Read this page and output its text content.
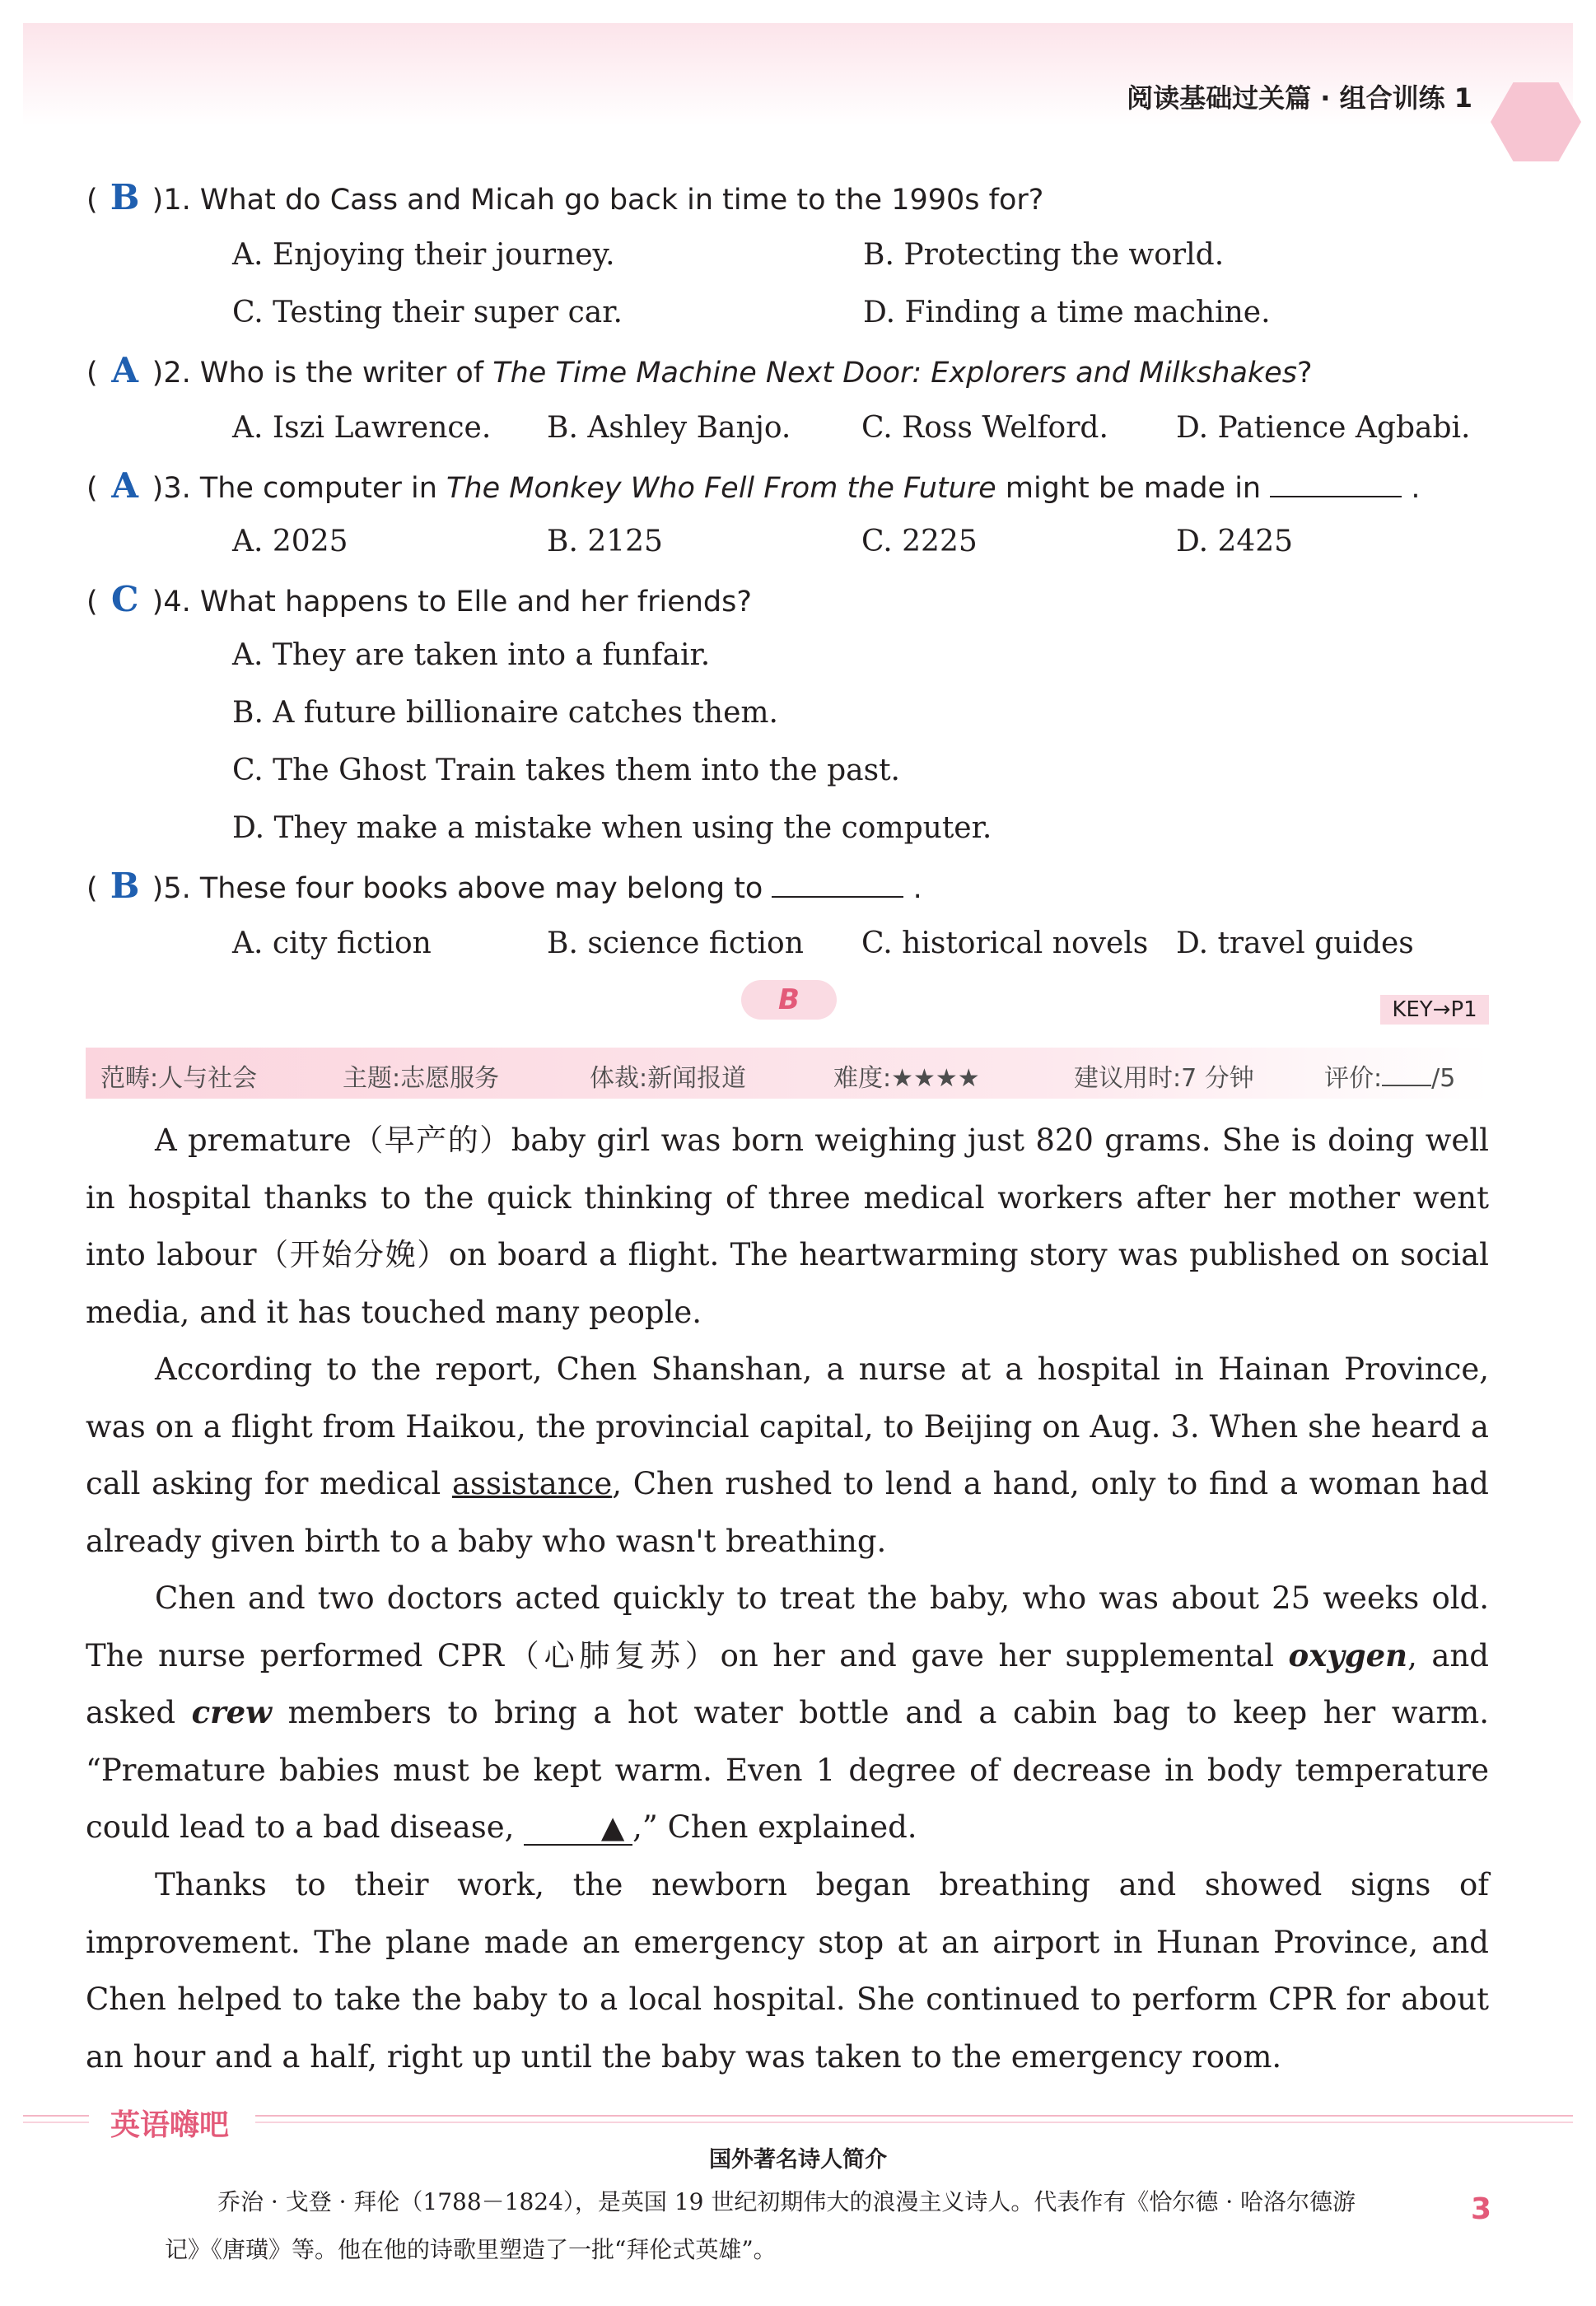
阅读基础过关篇 · 组合训练 1
( B )1. What do Cass and Micah go back in time to the 1990s for?
A. Enjoying their journey.	B. Protecting the world.
C. Testing their super car.	D. Finding a time machine.
( A )2. Who is the writer of The Time Machine Next Door: Explorers and Milkshakes?
A. Iszi Lawrence. B. Ashley Banjo. C. Ross Welford. D. Patience Agbabi.
( A )3. The computer in The Monkey Who Fell From the Future might be made in	.
A. 2025	B. 2125	C. 2225	D. 2425
( C )4. What happens to Elle and her friends?
A. They are taken into a funfair.
B. A future billionaire catches them.
C. The Ghost Train takes them into the past.
D. They make a mistake when using the computer.
( B )5. These four books above may belong to	.
A. city fiction	B. science fiction C. historical novels D. travel guides
B	KEY→P1
范畴:人与社会	主题:志愿服务	体裁:新闻报道	难度:★★★★	建议用时:7 分钟	评价: /5

A premature（早产的）baby girl was born weighing just 820 grams. She is doing well in hospital thanks to the quick thinking of three medical workers after her mother went into labour（开始分娩）on board a flight. The heartwarming story was published on social media, and it has touched many people.

According to the report, Chen Shanshan, a nurse at a hospital in Hainan Province, was on a flight from Haikou, the provincial capital, to Beijing on Aug. 3. When she heard a call asking for medical assistance, Chen rushed to lend a hand, only to find a woman had already given birth to a baby who wasn't breathing.

Chen and two doctors acted quickly to treat the baby, who was about 25 weeks old. The nurse performed CPR（心肺复苏）on her and gave her supplemental oxygen, and asked crew members to bring a hot water bottle and a cabin bag to keep her warm. “Premature babies must be kept warm. Even 1 degree of decrease in body temperature could lead to a bad disease,	▲ ,” Chen explained.

Thanks to their work, the newborn began breathing and showed signs of improvement. The plane made an emergency stop at an airport in Hunan Province, and Chen helped to take the baby to a local hospital. She continued to perform CPR for about an hour and a half, right up until the baby was taken to the emergency room.

英语嗨吧
国外著名诗人简介

乔治 · 戈登 · 拜伦（1788－1824），是英国 19 世纪初期伟大的浪漫主义诗人。代表作有《恰尔德 · 哈洛尔德游

记》《唐璜》等。他在他的诗歌里塑造了一批“拜伦式英雄”。

3
